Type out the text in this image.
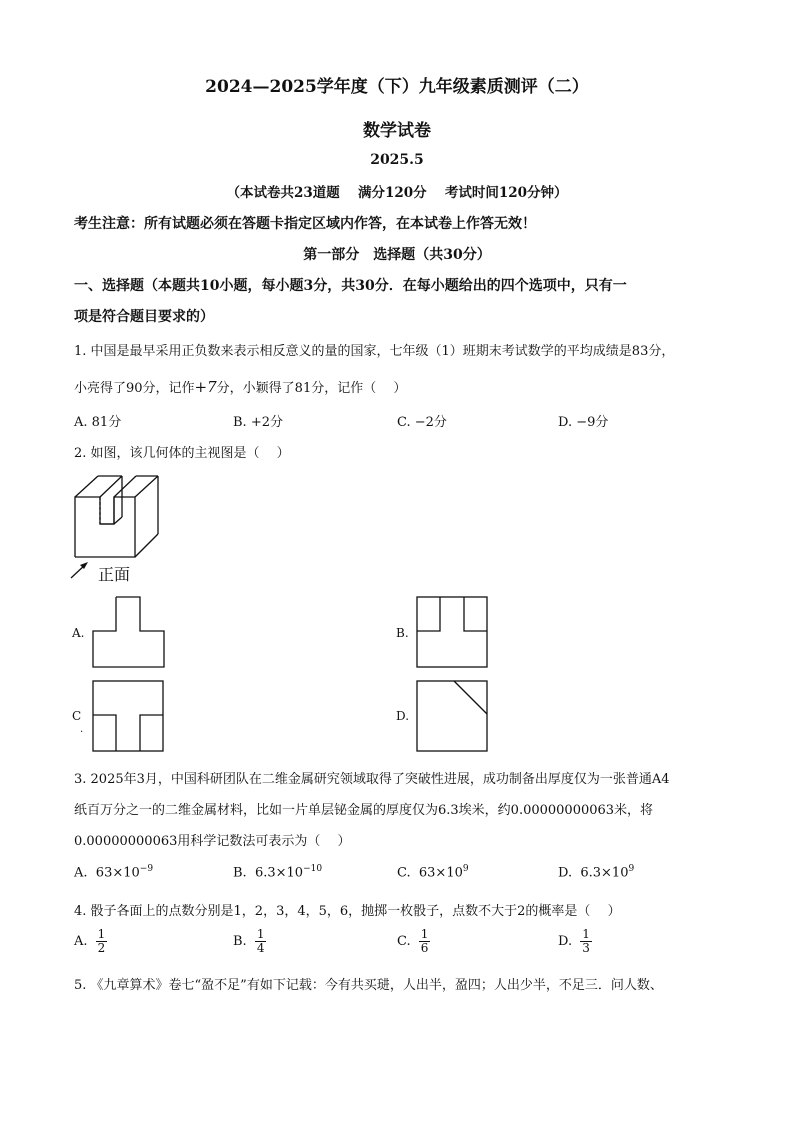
2024—2025学年度（下）九年级素质测评（二）
数学试卷
2025.5
（本试卷共23道题　 满分120分　 考试时间120分钟）
考生注意：所有试题必须在答题卡指定区域内作答，在本试卷上作答无效！
第一部分　选择题（共30分）
一、选择题（本题共10小题，每小题3分，共30分．在每小题给出的四个选项中，只有一
项是符合题目要求的）
1. 中国是最早采用正负数来表示相反意义的量的国家，七年级（1）班期末考试数学的平均成绩是83分，
小亮得了90分，记作+7分，小颖得了81分，记作（　 ）
A. 81分	B. +2分	C. −2分	D. −9分
2. 如图，该几何体的主视图是（　 ）
正面
A.	B.
C
.
D.
3. 2025年3月，中国科研团队在二维金属研究领域取得了突破性进展，成功制备出厚度仅为一张普通A4
纸百万分之一的二维金属材料，比如一片单层铋金属的厚度仅为6.3埃米，约0.00000000063米，将
0.00000000063用科学记数法可表示为（　 ）
A. $63\times 10^{-9}$	B. $6.3\times 10^{-10}$	C. $63\times 10^9$	D. $6.3\times 10^9$
4. 骰子各面上的点数分别是1，2，3，4，5，6，抛掷一枚骰子，点数不大于2的概率是（　 ）
A. $\frac{1}{2}$	B. $\frac{1}{4}$	C. $\frac{1}{6}$	D. $\frac{1}{3}$
5. 《九章算术》卷七“盈不足”有如下记载：今有共买琎，人出半，盈四；人出少半，不足三．问人数、
